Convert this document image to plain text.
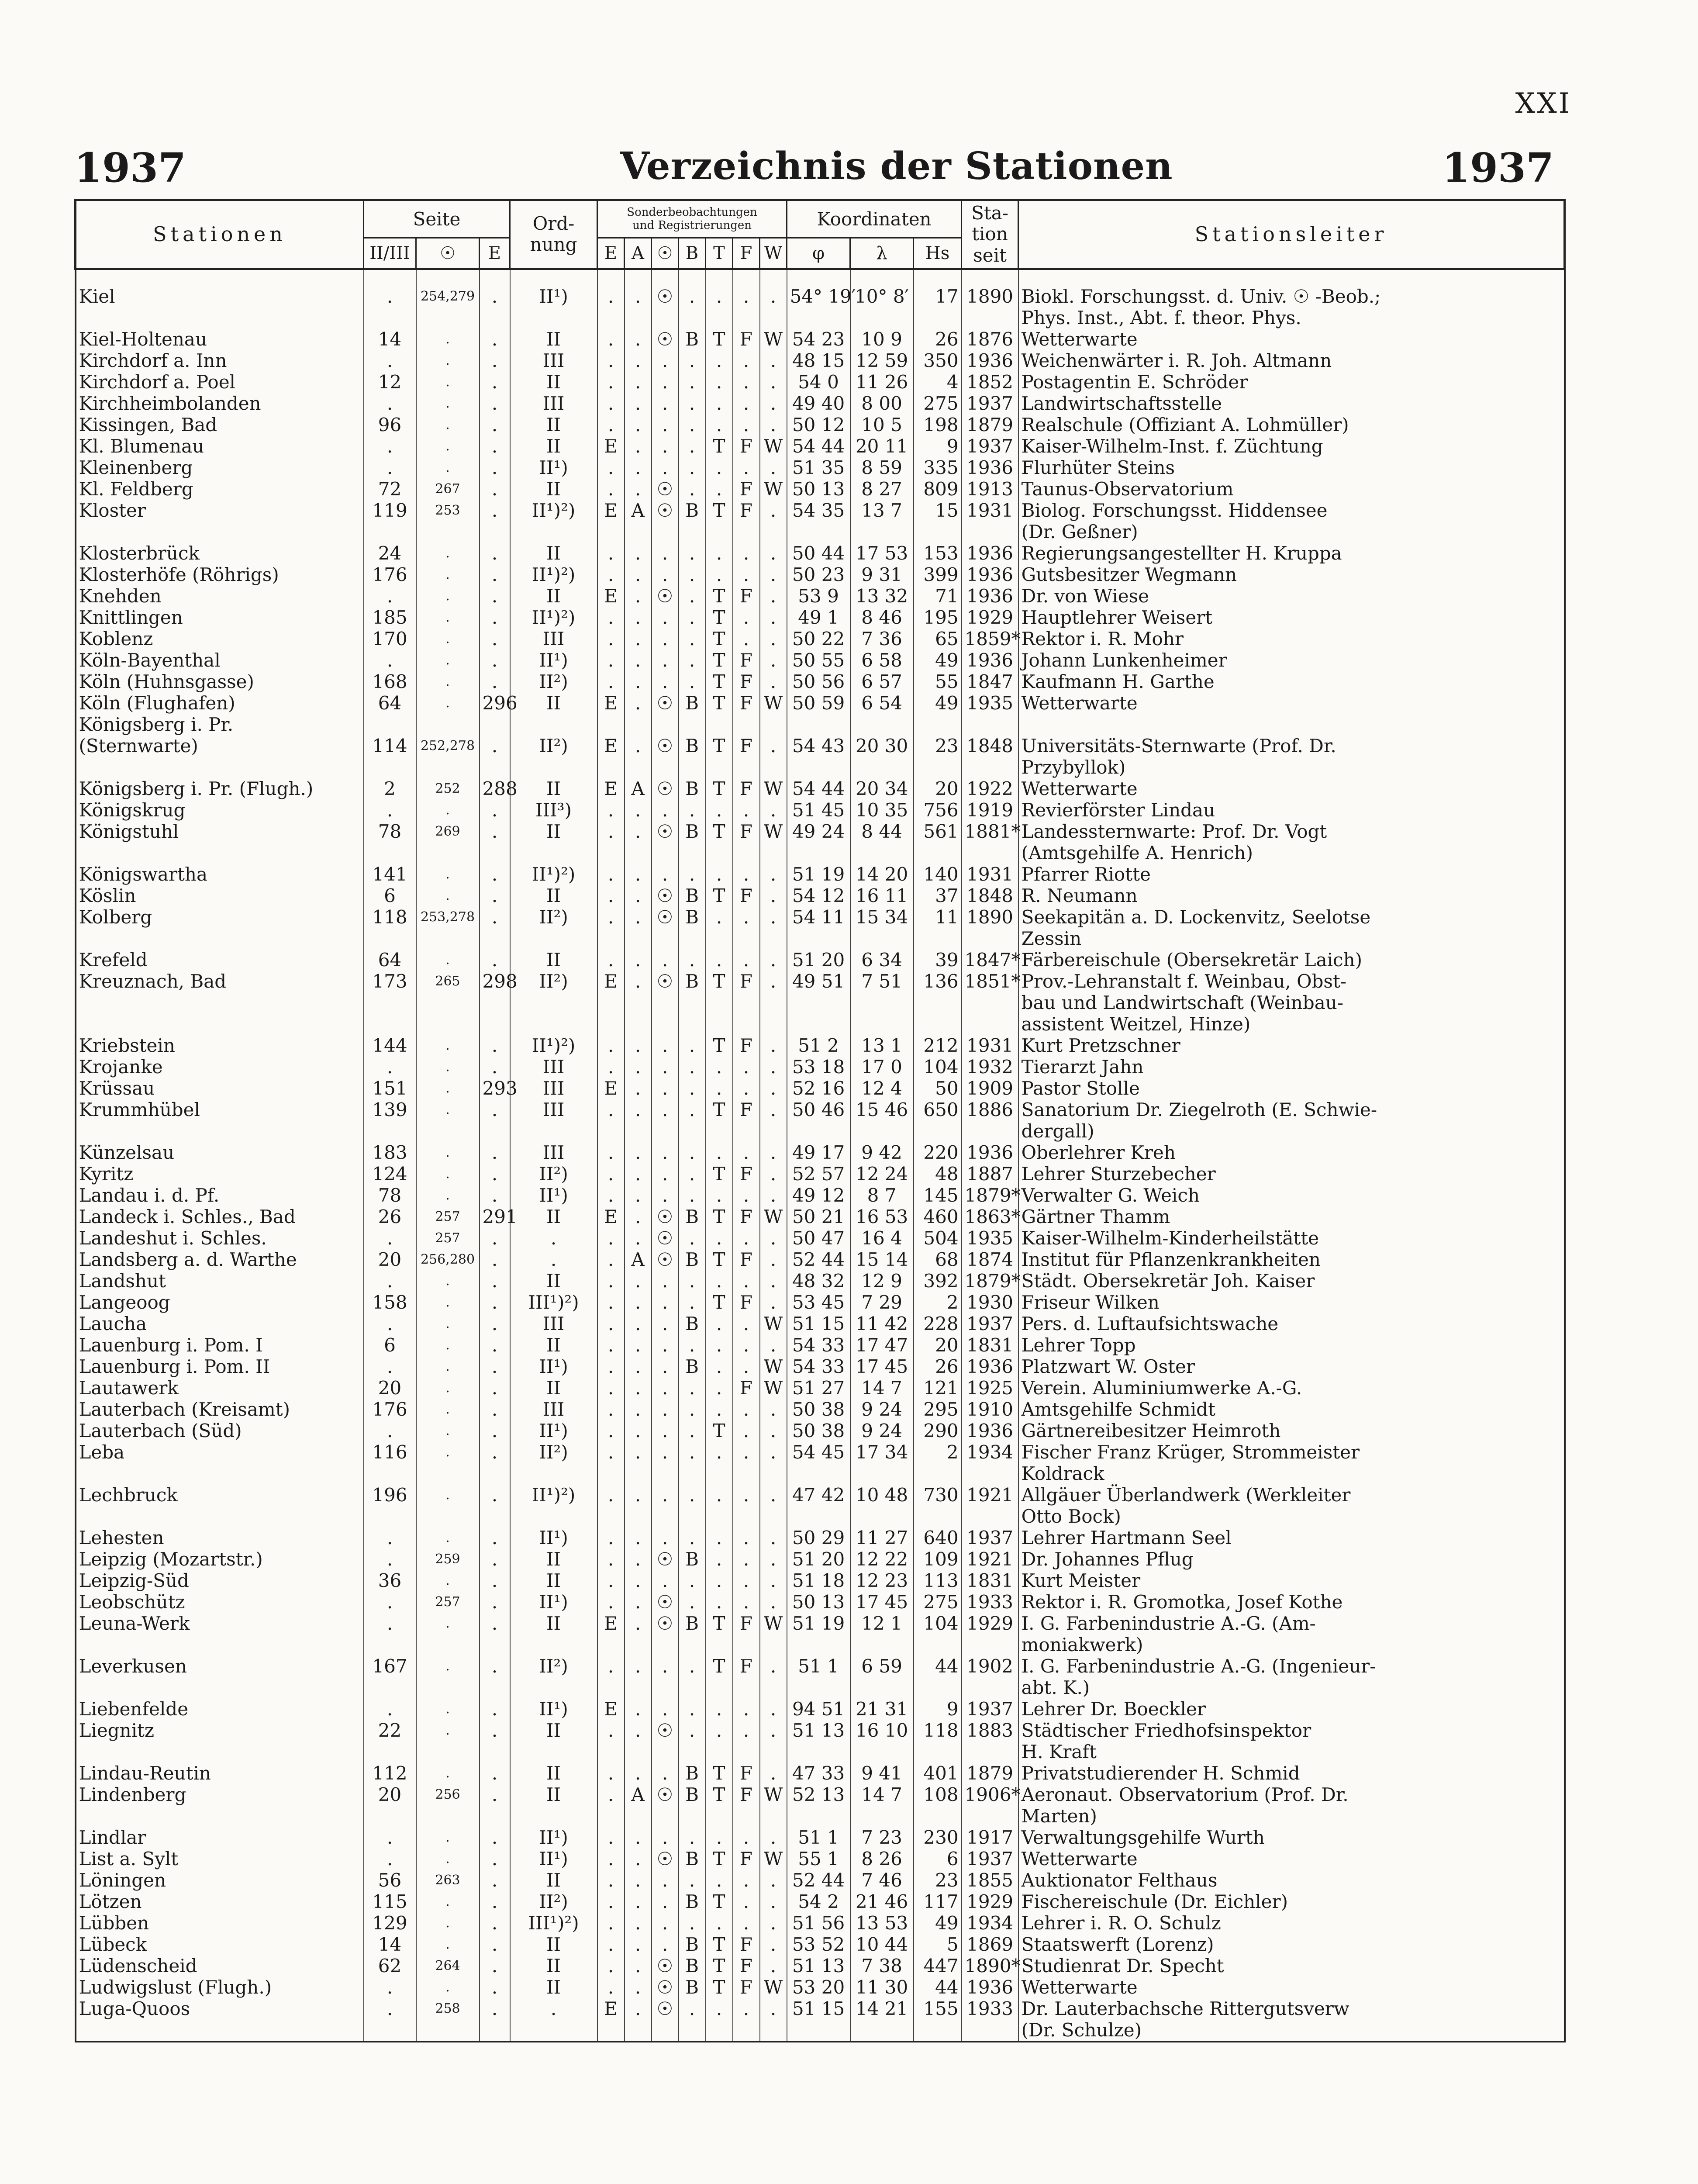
XXI
1937	Verzeichnis der Stationen	1937
Stationen	Seite			Ord-
nung	Sonderbeobachtungen
und Registrierungen							Koordinaten			Sta-
tion
seit	Stationsleiter
	II/III	☉	E		E	A	☉	B	T	F	W	φ	λ	Hs		
Kiel	.	254,279	.	II¹)	.	.	☉	.	.	.	.	54° 19′	10° 8′	17	1890	Biokl. Forschungsst. d. Univ. ☉ -Beob.;
																Phys. Inst., Abt. f. theor. Phys.
Kiel-Holtenau	14	.	.	II	.	.	☉	B	T	F	W	54 23	10 9	26	1876	Wetterwarte
Kirchdorf a. Inn	.	.	.	III	.	.	.	.	.	.	.	48 15	12 59	350	1936	Weichenwärter i. R. Joh. Altmann
Kirchdorf a. Poel	12	.	.	II	.	.	.	.	.	.	.	54 0	11 26	4	1852	Postagentin E. Schröder
Kirchheimbolanden	.	.	.	III	.	.	.	.	.	.	.	49 40	8 00	275	1937	Landwirtschaftsstelle
Kissingen, Bad	96	.	.	II	.	.	.	.	.	.	.	50 12	10 5	198	1879	Realschule (Offiziant A. Lohmüller)
Kl. Blumenau	.	.	.	II	E	.	.	.	T	F	W	54 44	20 11	9	1937	Kaiser-Wilhelm-Inst. f. Züchtung
Kleinenberg	.	.	.	II¹)	.	.	.	.	.	.	.	51 35	8 59	335	1936	Flurhüter Steins
Kl. Feldberg	72	267	.	II	.	.	☉	.	.	F	W	50 13	8 27	809	1913	Taunus-Observatorium
Kloster	119	253	.	II¹)²)	E	A	☉	B	T	F	.	54 35	13 7	15	1931	Biolog. Forschungsst. Hiddensee
																(Dr. Geßner)
Klosterbrück	24	.	.	II	.	.	.	.	.	.	.	50 44	17 53	153	1936	Regierungsangestellter H. Kruppa
Klosterhöfe (Röhrigs)	176	.	.	II¹)²)	.	.	.	.	.	.	.	50 23	9 31	399	1936	Gutsbesitzer Wegmann
Knehden	.	.	.	II	E	.	☉	.	T	F	.	53 9	13 32	71	1936	Dr. von Wiese
Knittlingen	185	.	.	II¹)²)	.	.	.	.	T	.	.	49 1	8 46	195	1929	Hauptlehrer Weisert
Koblenz	170	.	.	III	.	.	.	.	T	.	.	50 22	7 36	65	1859*	Rektor i. R. Mohr
Köln-Bayenthal	.	.	.	II¹)	.	.	.	.	T	F	.	50 55	6 58	49	1936	Johann Lunkenheimer
Köln (Huhnsgasse)	168	.	.	II²)	.	.	.	.	T	F	.	50 56	6 57	55	1847	Kaufmann H. Garthe
Köln (Flughafen)	64	.	296	II	E	.	☉	B	T	F	W	50 59	6 54	49	1935	Wetterwarte
Königsberg i. Pr.																
(Sternwarte)	114	252,278	.	II²)	E	.	☉	B	T	F	.	54 43	20 30	23	1848	Universitäts-Sternwarte (Prof. Dr.
																Przybyllok)
Königsberg i. Pr. (Flugh.)	2	252	288	II	E	A	☉	B	T	F	W	54 44	20 34	20	1922	Wetterwarte
Königskrug	.	.	.	III³)	.	.	.	.	.	.	.	51 45	10 35	756	1919	Revierförster Lindau
Königstuhl	78	269	.	II	.	.	☉	B	T	F	W	49 24	8 44	561	1881*	Landessternwarte: Prof. Dr. Vogt
																(Amtsgehilfe A. Henrich)
Königswartha	141	.	.	II¹)²)	.	.	.	.	.	.	.	51 19	14 20	140	1931	Pfarrer Riotte
Köslin	6	.	.	II	.	.	☉	B	T	F	.	54 12	16 11	37	1848	R. Neumann
Kolberg	118	253,278	.	II²)	.	.	☉	B	.	.	.	54 11	15 34	11	1890	Seekapitän a. D. Lockenvitz, Seelotse
																Zessin
Krefeld	64	.	.	II	.	.	.	.	.	.	.	51 20	6 34	39	1847*	Färbereischule (Obersekretär Laich)
Kreuznach, Bad	173	265	298	II²)	E	.	☉	B	T	F	.	49 51	7 51	136	1851*	Prov.-Lehranstalt f. Weinbau, Obst-
																bau und Landwirtschaft (Weinbau-
																assistent Weitzel, Hinze)
Kriebstein	144	.	.	II¹)²)	.	.	.	.	T	F	.	51 2	13 1	212	1931	Kurt Pretzschner
Krojanke	.	.	.	III	.	.	.	.	.	.	.	53 18	17 0	104	1932	Tierarzt Jahn
Krüssau	151	.	293	III	E	.	.	.	.	.	.	52 16	12 4	50	1909	Pastor Stolle
Krummhübel	139	.	.	III	.	.	.	.	T	F	.	50 46	15 46	650	1886	Sanatorium Dr. Ziegelroth (E. Schwie-
																dergall)
Künzelsau	183	.	.	III	.	.	.	.	.	.	.	49 17	9 42	220	1936	Oberlehrer Kreh
Kyritz	124	.	.	II²)	.	.	.	.	T	F	.	52 57	12 24	48	1887	Lehrer Sturzebecher
Landau i. d. Pf.	78	.	.	II¹)	.	.	.	.	.	.	.	49 12	8 7	145	1879*	Verwalter G. Weich
Landeck i. Schles., Bad	26	257	291	II	E	.	☉	B	T	F	W	50 21	16 53	460	1863*	Gärtner Thamm
Landeshut i. Schles.	.	257	.	.	.	.	☉	.	.	.	.	50 47	16 4	504	1935	Kaiser-Wilhelm-Kinderheilstätte
Landsberg a. d. Warthe	20	256,280	.	.	.	A	☉	B	T	F	.	52 44	15 14	68	1874	Institut für Pflanzenkrankheiten
Landshut	.	.	.	II	.	.	.	.	.	.	.	48 32	12 9	392	1879*	Städt. Obersekretär Joh. Kaiser
Langeoog	158	.	.	III¹)²)	.	.	.	.	T	F	.	53 45	7 29	2	1930	Friseur Wilken
Laucha	.	.	.	III	.	.	.	B	.	.	W	51 15	11 42	228	1937	Pers. d. Luftaufsichtswache
Lauenburg i. Pom. I	6	.	.	II	.	.	.	.	.	.	.	54 33	17 47	20	1831	Lehrer Topp
Lauenburg i. Pom. II	.	.	.	II¹)	.	.	.	B	.	.	W	54 33	17 45	26	1936	Platzwart W. Oster
Lautawerk	20	.	.	II	.	.	.	.	.	F	W	51 27	14 7	121	1925	Verein. Aluminiumwerke A.-G.
Lauterbach (Kreisamt)	176	.	.	III	.	.	.	.	.	.	.	50 38	9 24	295	1910	Amtsgehilfe Schmidt
Lauterbach (Süd)	.	.	.	II¹)	.	.	.	.	T	.	.	50 38	9 24	290	1936	Gärtnereibesitzer Heimroth
Leba	116	.	.	II²)	.	.	.	.	.	.	.	54 45	17 34	2	1934	Fischer Franz Krüger, Strommeister
																Koldrack
Lechbruck	196	.	.	II¹)²)	.	.	.	.	.	.	.	47 42	10 48	730	1921	Allgäuer Überlandwerk (Werkleiter
																Otto Bock)
Lehesten	.	.	.	II¹)	.	.	.	.	.	.	.	50 29	11 27	640	1937	Lehrer Hartmann Seel
Leipzig (Mozartstr.)	.	259	.	II	.	.	☉	B	.	.	.	51 20	12 22	109	1921	Dr. Johannes Pflug
Leipzig-Süd	36	.	.	II	.	.	.	.	.	.	.	51 18	12 23	113	1831	Kurt Meister
Leobschütz	.	257	.	II¹)	.	.	☉	.	.	.	.	50 13	17 45	275	1933	Rektor i. R. Gromotka, Josef Kothe
Leuna-Werk	.	.	.	II	E	.	☉	B	T	F	W	51 19	12 1	104	1929	I. G. Farbenindustrie A.-G. (Am-
																moniakwerk)
Leverkusen	167	.	.	II²)	.	.	.	.	T	F	.	51 1	6 59	44	1902	I. G. Farbenindustrie A.-G. (Ingenieur-
																abt. K.)
Liebenfelde	.	.	.	II¹)	E	.	.	.	.	.	.	94 51	21 31	9	1937	Lehrer Dr. Boeckler
Liegnitz	22	.	.	II	.	.	☉	.	.	.	.	51 13	16 10	118	1883	Städtischer Friedhofsinspektor
																H. Kraft
Lindau-Reutin	112	.	.	II	.	.	.	B	T	F	.	47 33	9 41	401	1879	Privatstudierender H. Schmid
Lindenberg	20	256	.	II	.	A	☉	B	T	F	W	52 13	14 7	108	1906*	Aeronaut. Observatorium (Prof. Dr.
																Marten)
Lindlar	.	.	.	II¹)	.	.	.	.	.	.	.	51 1	7 23	230	1917	Verwaltungsgehilfe Wurth
List a. Sylt	.	.	.	II¹)	.	.	☉	B	T	F	W	55 1	8 26	6	1937	Wetterwarte
Löningen	56	263	.	II	.	.	.	.	.	.	.	52 44	7 46	23	1855	Auktionator Felthaus
Lötzen	115	.	.	II²)	.	.	.	B	T	.	.	54 2	21 46	117	1929	Fischereischule (Dr. Eichler)
Lübben	129	.	.	III¹)²)	.	.	.	.	.	.	.	51 56	13 53	49	1934	Lehrer i. R. O. Schulz
Lübeck	14	.	.	II	.	.	.	B	T	F	.	53 52	10 44	5	1869	Staatswerft (Lorenz)
Lüdenscheid	62	264	.	II	.	.	☉	B	T	F	.	51 13	7 38	447	1890*	Studienrat Dr. Specht
Ludwigslust (Flugh.)	.	.	.	II	.	.	☉	B	T	F	W	53 20	11 30	44	1936	Wetterwarte
Luga-Quoos	.	258	.	.	E	.	☉	.	.	.	.	51 15	14 21	155	1933	Dr. Lauterbachsche Rittergutsverw
																(Dr. Schulze)
